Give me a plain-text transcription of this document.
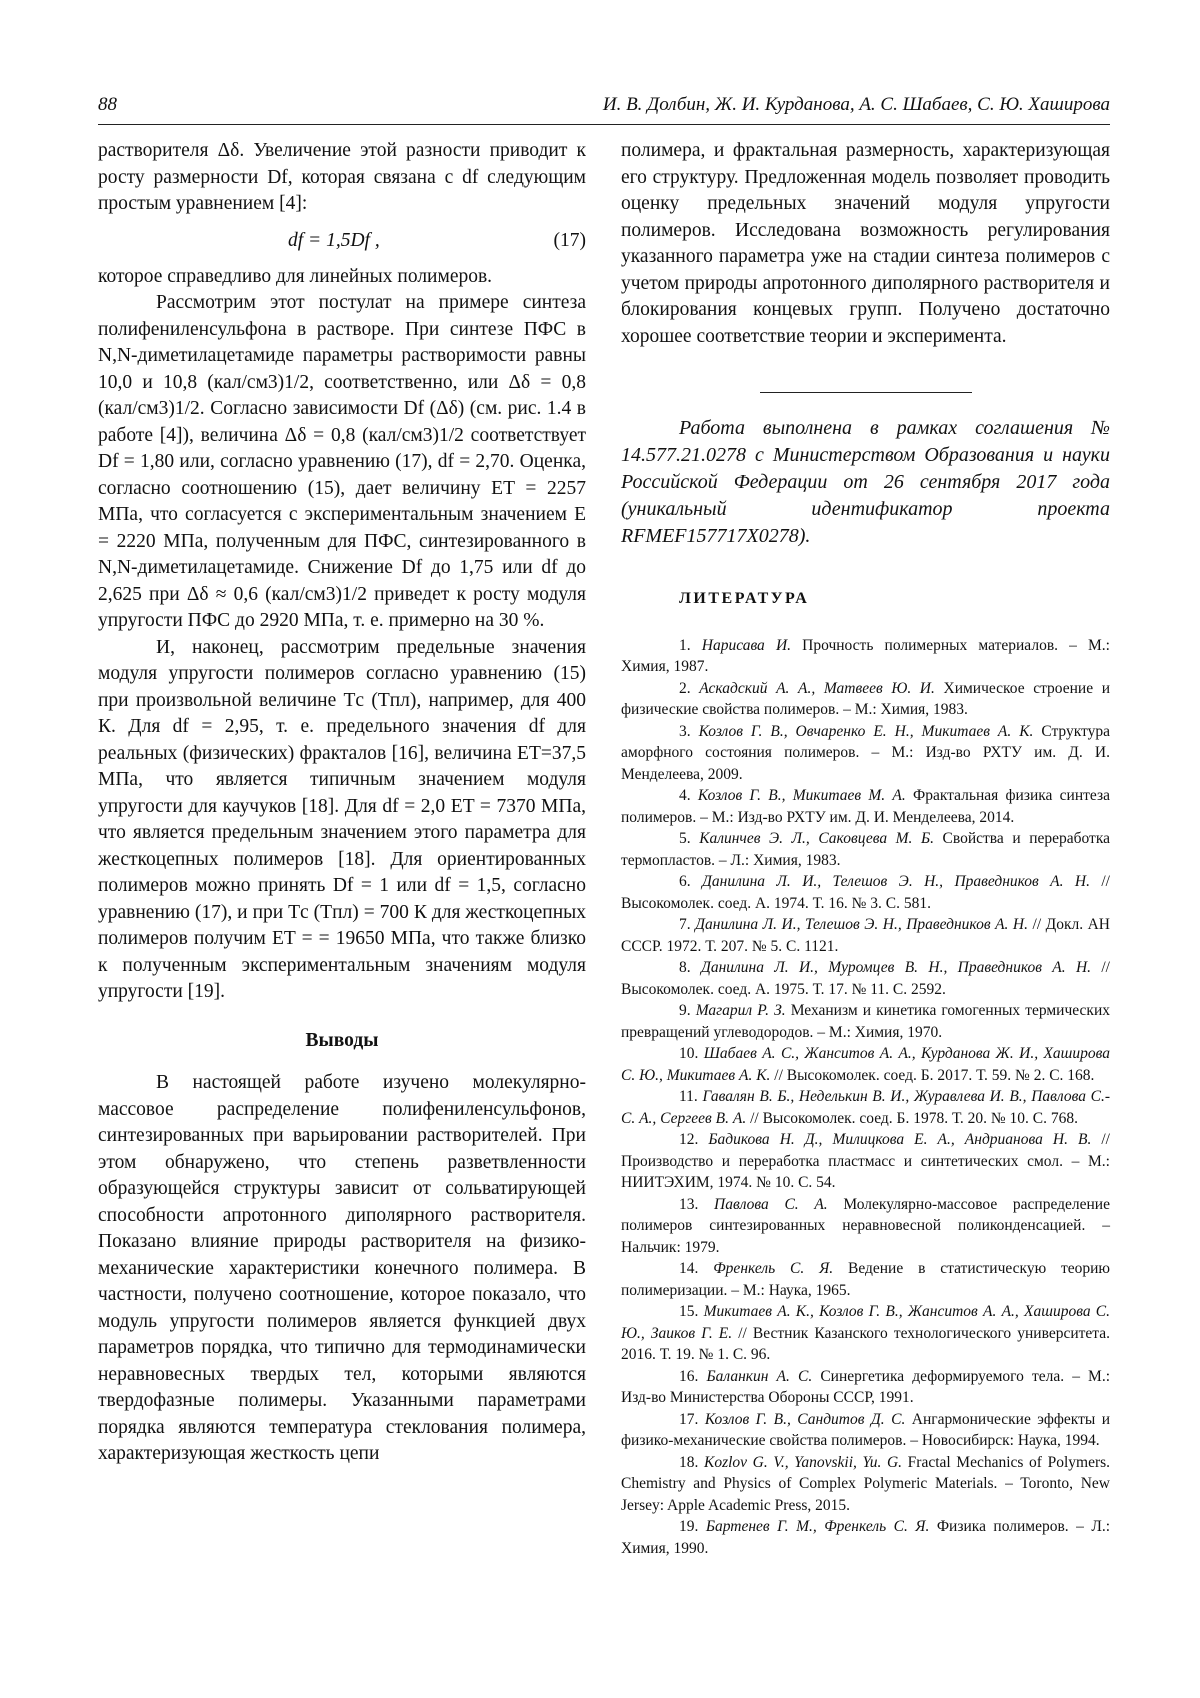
88	И. В. Долбин, Ж. И. Курданова, А. С. Шабаев, С. Ю. Хаширова

растворителя Δδ. Увеличение этой разности приводит к росту размерности Df, которая связана с df следующим простым уравнением [4]:

df = 1,5Df ,	(17)

которое справедливо для линейных полимеров.

Рассмотрим этот постулат на примере синтеза полифениленсульфона в растворе. При синтезе ПФС в N,N-диметилацетамиде параметры растворимости равны 10,0 и 10,8 (кал/см3)1/2, соответственно, или Δδ = 0,8 (кал/см3)1/2. Согласно зависимости Df (Δδ) (см. рис. 1.4 в работе [4]), величина Δδ = 0,8 (кал/см3)1/2 соответствует Df = 1,80 или, согласно уравнению (17), df = 2,70. Оценка, согласно соотношению (15), дает величину ET = 2257 МПа, что согласуется с экспериментальным значением E = 2220 МПа, полученным для ПФС, синтезированного в N,N-диметилацетамиде. Снижение Df до 1,75 или df до 2,625 при Δδ ≈ 0,6 (кал/см3)1/2 приведет к росту модуля упругости ПФС до 2920 МПа, т. е. примерно на 30 %.

И, наконец, рассмотрим предельные значения модуля упругости полимеров согласно уравнению (15) при произвольной величине Tс (Tпл), например, для 400 К. Для df = 2,95, т. е. предельного значения df для реальных (физических) фракталов [16], величина ET=37,5 МПа, что является типичным значением модуля упругости для каучуков [18]. Для df = 2,0 ET = 7370 МПа, что является предельным значением этого параметра для жесткоцепных полимеров [18]. Для ориентированных полимеров можно принять Df = 1 или df = 1,5, согласно уравнению (17), и при Tс (Tпл) = 700 К для жесткоцепных полимеров получим ET = = 19650 МПа, что также близко к полученным экспериментальным значениям модуля упругости [19].

Выводы

В настоящей работе изучено молекулярно-массовое распределение полифениленсульфонов, синтезированных при варьировании растворителей. При этом обнаружено, что степень разветвленности образующейся структуры зависит от сольватирующей способности апротонного диполярного растворителя. Показано влияние природы растворителя на физико-механические характеристики конечного полимера. В частности, получено соотношение, которое показало, что модуль упругости полимеров является функцией двух параметров порядка, что типично для термодинамически неравновесных твердых тел, которыми являются твердофазные полимеры. Указанными параметрами порядка являются температура стеклования полимера, характеризующая жесткость цепи

полимера, и фрактальная размерность, характеризующая его структуру. Предложенная модель позволяет проводить оценку предельных значений модуля упругости полимеров. Исследована возможность регулирования указанного параметра уже на стадии синтеза полимеров с учетом природы апротонного диполярного растворителя и блокирования концевых групп. Получено достаточно хорошее соответствие теории и эксперимента.

Работа выполнена в рамках соглашения № 14.577.21.0278 с Министерством Образования и науки Российской Федерации от 26 сентября 2017 года (уникальный идентификатор проекта RFMEF157717X0278).

ЛИТЕРАТУРА

1. Нарисава И. Прочность полимерных материалов. – М.: Химия, 1987.

2. Аскадский А. А., Матвеев Ю. И. Химическое строение и физические свойства полимеров. – М.: Химия, 1983.

3. Козлов Г. В., Овчаренко Е. Н., Микитаев А. К. Структура аморфного состояния полимеров. – М.: Изд-во РХТУ им. Д. И. Менделеева, 2009.

4. Козлов Г. В., Микитаев М. А. Фрактальная физика синтеза полимеров. – М.: Изд-во РХТУ им. Д. И. Менделеева, 2014.

5. Калинчев Э. Л., Саковцева М. Б. Свойства и переработка термопластов. – Л.: Химия, 1983.

6. Данилина Л. И., Телешов Э. Н., Праведников А. Н. // Высокомолек. соед. А. 1974. Т. 16. № 3. С. 581.

7. Данилина Л. И., Телешов Э. Н., Праведников А. Н. // Докл. АН СССР. 1972. Т. 207. № 5. С. 1121.

8. Данилина Л. И., Муромцев В. Н., Праведников А. Н. // Высокомолек. соед. А. 1975. Т. 17. № 11. С. 2592.

9. Магарил Р. З. Механизм и кинетика гомогенных термических превращений углеводородов. – М.: Химия, 1970.

10. Шабаев А. С., Жанситов А. А., Курданова Ж. И., Хаширова С. Ю., Микитаев А. К. // Высокомолек. соед. Б. 2017. Т. 59. № 2. С. 168.

11. Гавалян В. Б., Неделькин В. И., Журавлева И. В., Павлова С.-С. А., Сергеев В. А. // Высокомолек. соед. Б. 1978. Т. 20. № 10. С. 768.

12. Бадикова Н. Д., Милицкова Е. А., Андрианова Н. В. // Производство и переработка пластмасс и синтетических смол. – М.: НИИТЭХИМ, 1974. № 10. С. 54.

13. Павлова С. А. Молекулярно-массовое распределение полимеров синтезированных неравновесной поликонденсацией. – Нальчик: 1979.

14. Френкель С. Я. Ведение в статистическую теорию полимеризации. – М.: Наука, 1965.

15. Микитаев А. К., Козлов Г. В., Жанситов А. А., Хаширова С. Ю., Заиков Г. Е. // Вестник Казанского технологического университета. 2016. Т. 19. № 1. С. 96.

16. Баланкин А. С. Синергетика деформируемого тела. – М.: Изд-во Министерства Обороны СССР, 1991.

17. Козлов Г. В., Сандитов Д. С. Ангармонические эффекты и физико-механические свойства полимеров. – Новосибирск: Наука, 1994.

18. Kozlov G. V., Yanovskii, Yu. G. Fractal Mechanics of Polymers. Chemistry and Physics of Complex Polymeric Materials. – Toronto, New Jersey: Apple Academic Press, 2015.

19. Бартенев Г. М., Френкель С. Я. Физика полимеров. – Л.: Химия, 1990.
